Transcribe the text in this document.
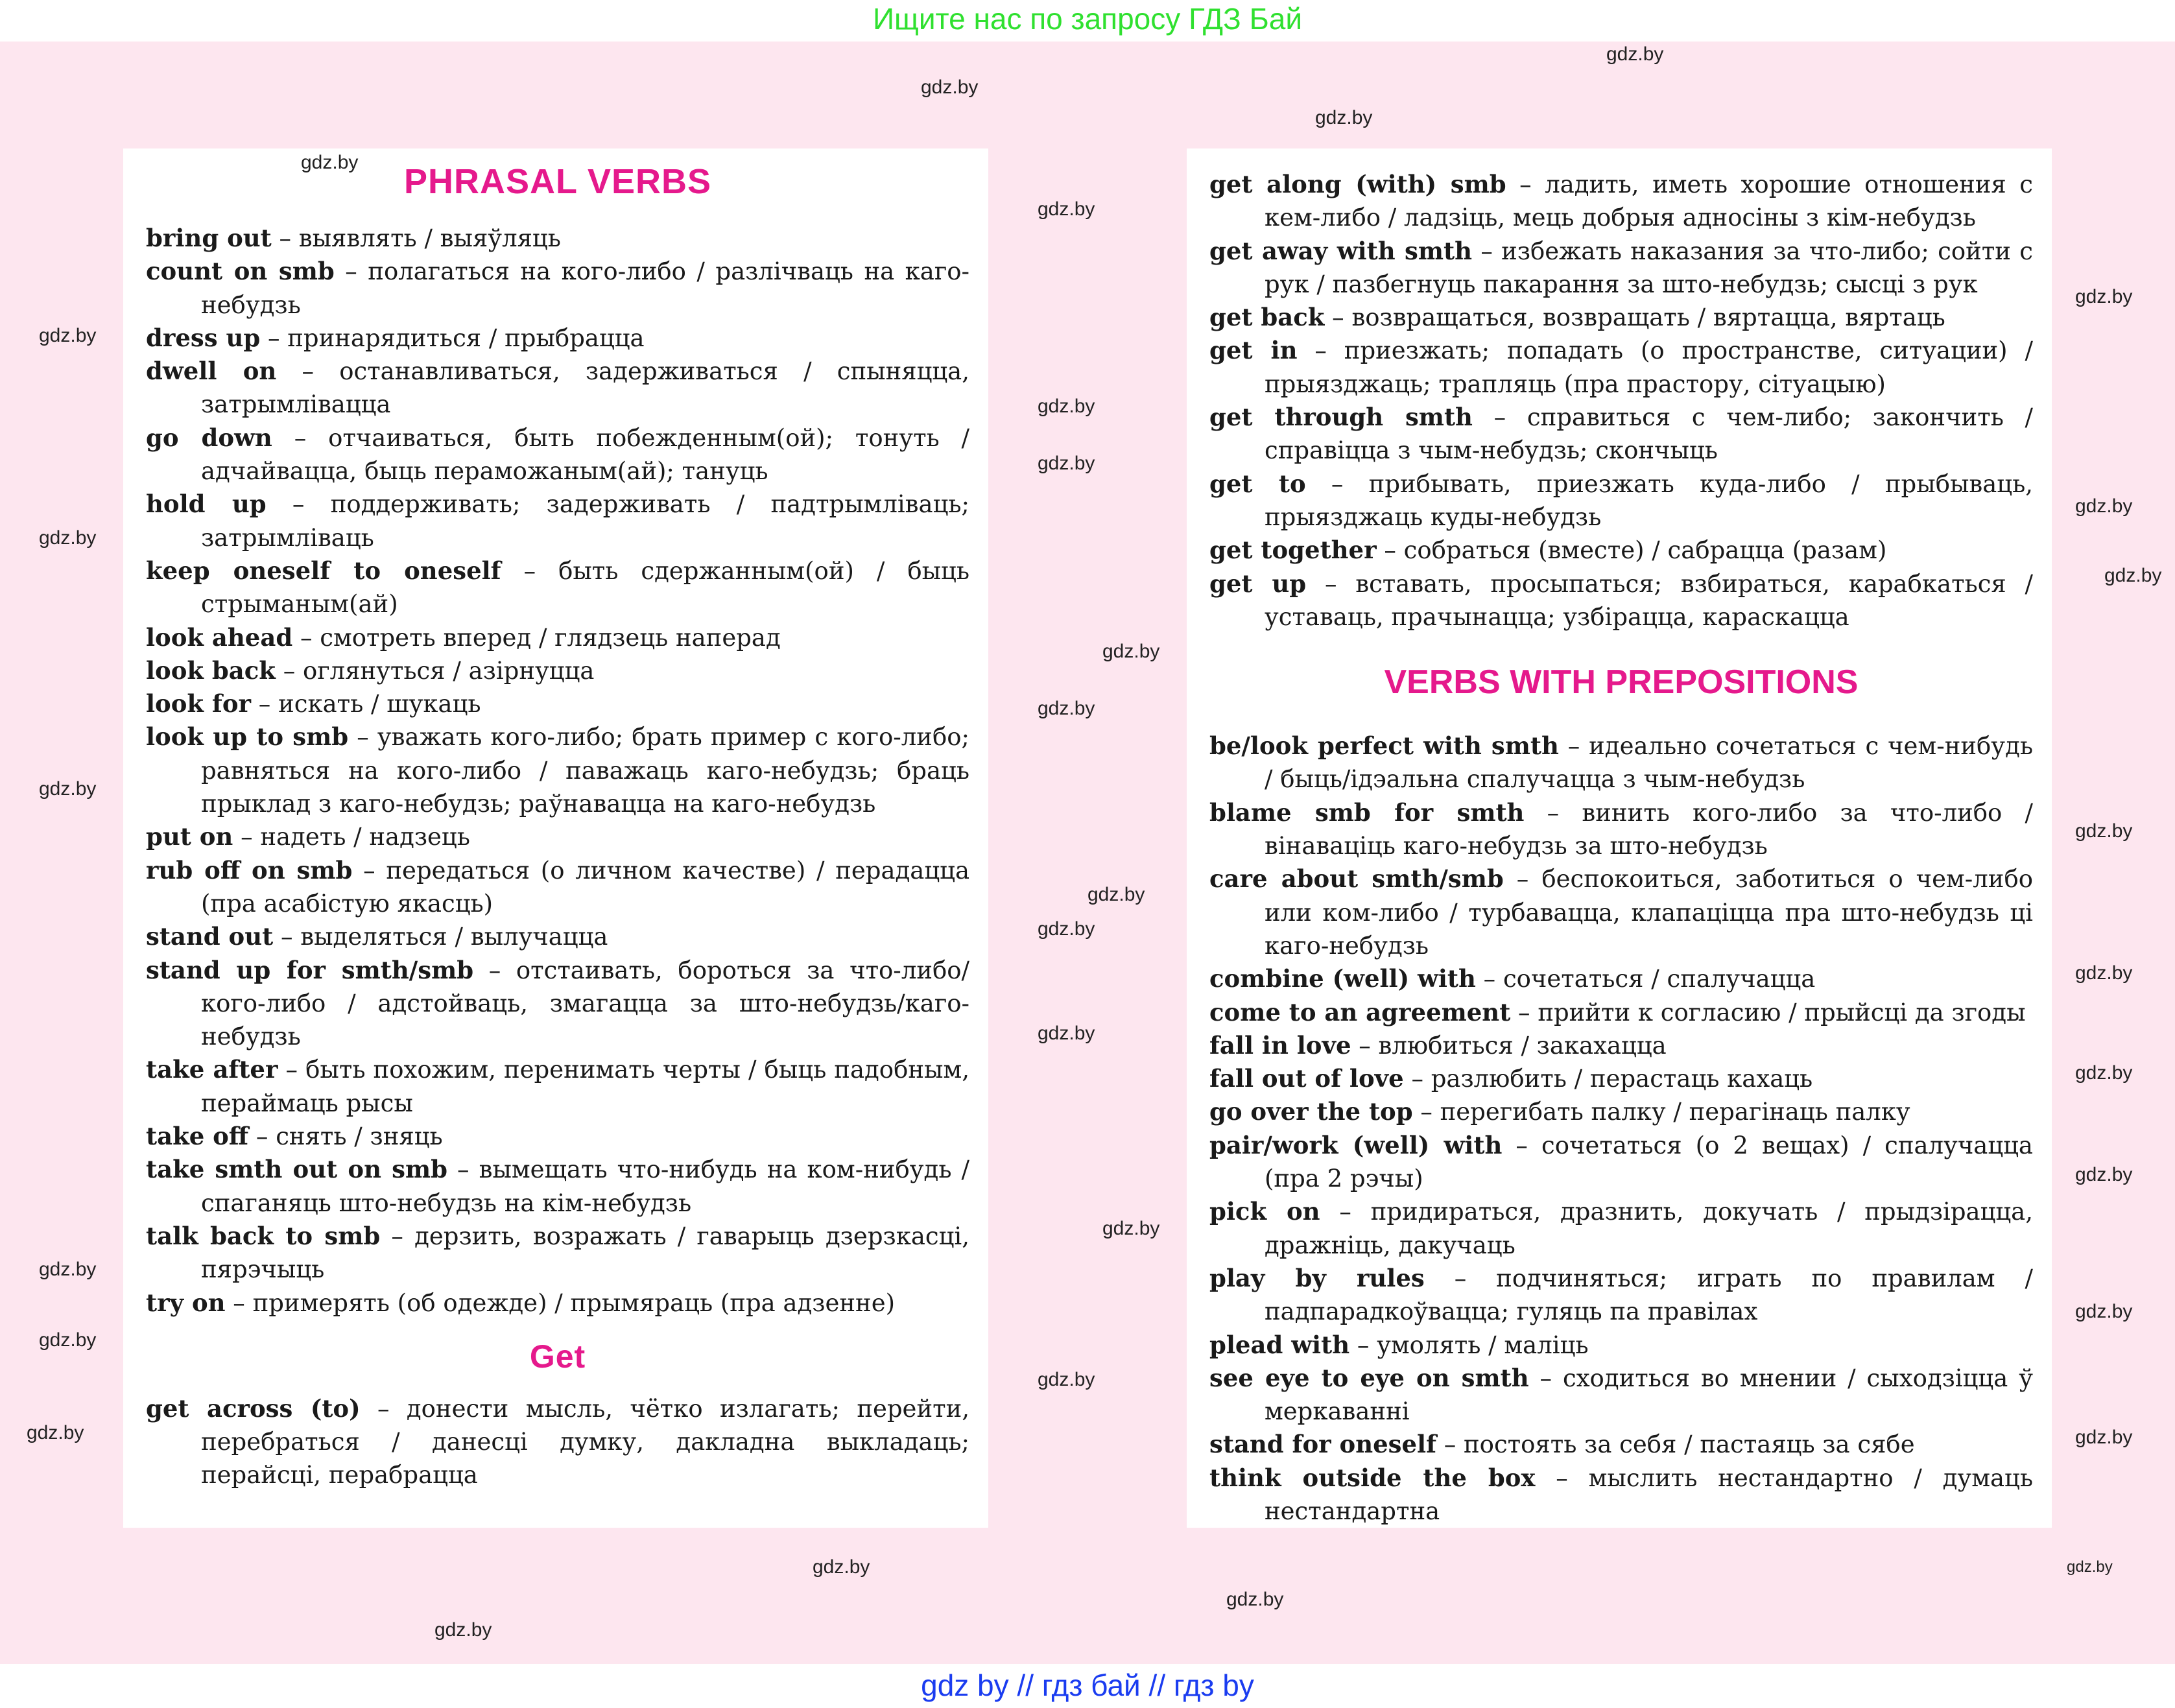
Ищите нас по запросу ГДЗ Бай
gdz by // гдз бай // гдз by
PHRASAL VERBS
bring out – выявлять / выяўляць
count on smb – полагаться на кого-либо / разлічваць на каго-небудзь
dress up – принарядиться / прыбрацца
dwell on – останавливаться, задерживаться / спыняцца, затрымлівацца
go down – отчаиваться, быть побежденным(ой); тонуть / адчайвацца, быць пераможаным(ай); тануць
hold up – поддерживать; задерживать / падтрымліваць; затрымліваць
keep oneself to oneself – быть сдержанным(ой) / быць стрыманым(ай)
look ahead – смотреть вперед / глядзець наперад
look back – оглянуться / азірнуцца
look for – искать / шукаць
look up to smb – уважать кого-либо; брать пример с кого-либо; равняться на кого-либо / паважаць каго-небудзь; браць прыклад з каго-небудзь; раўнавацца на каго-небудзь
put on – надеть / надзець
rub off on smb – передаться (о личном качестве) / перадацца (пра асабістую якасць)
stand out – выделяться / вылучацца
stand up for smth/smb – отстаивать, бороться за что-либо/кого-либо / адстойваць, змагацца за што-небудзь/каго-небудзь
take after – быть похожим, перенимать черты / быць падобным, пераймаць рысы
take off – снять / зняць
take smth out on smb – вымещать что-нибудь на ком-нибудь / спаганяць што-небудзь на кім-небудзь
talk back to smb – дерзить, возражать / гаварыць дзерзкасці, пярэчыць
try on – примерять (об одежде) / прымяраць (пра адзенне)
Get
get across (to) – донести мысль, чётко излагать; перейти, перебраться / данесці думку, дакладна выкладаць; перайсці, перабрацца
get along (with) smb – ладить, иметь хорошие отношения с кем-либо / ладзіць, мець добрыя адносіны з кім-небудзь
get away with smth – избежать наказания за что-либо; сойти с рук / пазбегнуць пакарання за што-небудзь; сысці з рук
get back – возвращаться, возвращать / вяртацца, вяртаць
get in – приезжать; попадать (о пространстве, ситуации) / прыязджаць; трапляць (пра прастору, сітуацыю)
get through smth – справиться с чем-либо; закончить / справіцца з чым-небудзь; скончыць
get to – прибывать, приезжать куда-либо / прыбываць, прыязджаць куды-небудзь
get together – собраться (вместе) / сабрацца (разам)
get up – вставать, просыпаться; взбираться, карабкаться / уставаць, прачынацца; узбірацца, караскацца
VERBS WITH PREPOSITIONS
be/look perfect with smth – идеально сочетаться с чем-нибудь / быць/ідэальна спалучацца з чым-небудзь
blame smb for smth – винить кого-либо за что-либо / вінаваціць каго-небудзь за што-небудзь
care about smth/smb – беспокоиться, заботиться о чем-либо или ком-либо / турбавацца, клапаціцца пра што-небудзь ці каго-небудзь
combine (well) with – сочетаться / спалучацца
come to an agreement – прийти к согласию / прыйсці да згоды
fall in love – влюбиться / закахацца
fall out of love – разлюбить / перастаць кахаць
go over the top – перегибать палку / перагінаць палку
pair/work (well) with – сочетаться (о 2 вещах) / спалучацца (пра 2 рэчы)
pick on – придираться, дразнить, докучать / прыдзірацца, дражніць, дакучаць
play by rules – подчиняться; играть по правилам / падпарадкоўвацца; гуляць па правілах
plead with – умолять / маліць
see eye to eye on smth – сходиться во мнении / сыходзіцца ў меркаванні
stand for oneself – постоять за себя / пастаяць за сябе
think outside the box – мыслить нестандартно / думаць нестандартна
gdz.by
gdz.by
gdz.by
gdz.by
gdz.by
gdz.by
gdz.by
gdz.by
gdz.by
gdz.by
gdz.by
gdz.by
gdz.by
gdz.by
gdz.by
gdz.by
gdz.by
gdz.by
gdz.by
gdz.by
gdz.by
gdz.by
gdz.by
gdz.by
gdz.by
gdz.by
gdz.by
gdz.by
gdz.by
gdz.by
gdz.by
gdz.by
gdz.by
